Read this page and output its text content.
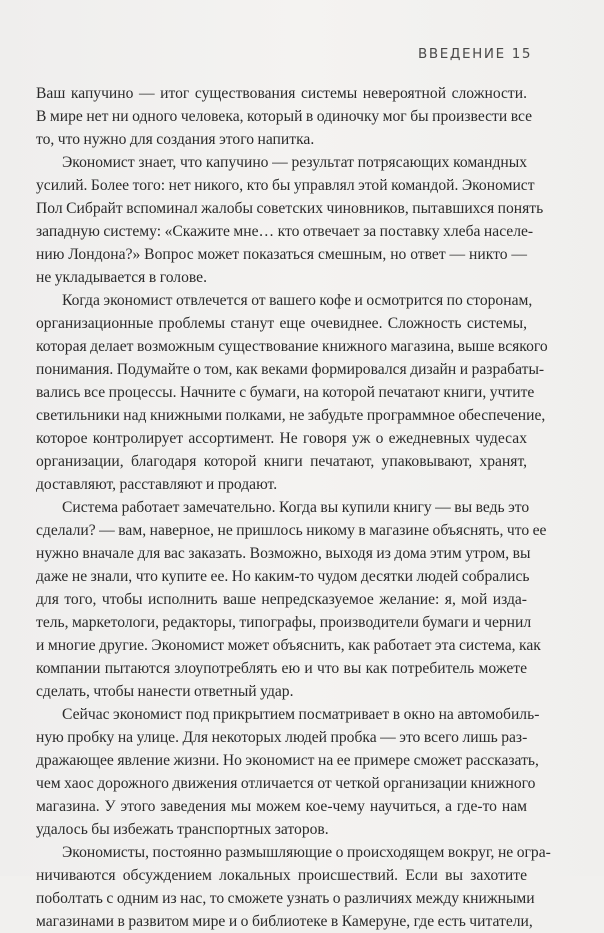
ВВЕДЕНИЕ 15
Ваш капучино — итог существования системы невероятной сложности.
В мире нет ни одного человека, который в одиночку мог бы произвести все
то, что нужно для создания этого напитка.
Экономист знает, что капучино — результат потрясающих командных
усилий. Более того: нет никого, кто бы управлял этой командой. Экономист
Пол Сибрайт вспоминал жалобы советских чиновников, пытавшихся понять
западную систему: «Скажите мне… кто отвечает за поставку хлеба населе-
нию Лондона?» Вопрос может показаться смешным, но ответ — никто —
не укладывается в голове.
Когда экономист отвлечется от вашего кофе и осмотрится по сторонам,
организационные проблемы станут еще очевиднее. Сложность системы,
которая делает возможным существование книжного магазина, выше всякого
понимания. Подумайте о том, как веками формировался дизайн и разрабаты-
вались все процессы. Начните с бумаги, на которой печатают книги, учтите
светильники над книжными полками, не забудьте программное обеспечение,
которое контролирует ассортимент. Не говоря уж о ежедневных чудесах
организации, благодаря которой книги печатают, упаковывают, хранят,
доставляют, расставляют и продают.
Система работает замечательно. Когда вы купили книгу — вы ведь это
сделали? — вам, наверное, не пришлось никому в магазине объяснять, что ее
нужно вначале для вас заказать. Возможно, выходя из дома этим утром, вы
даже не знали, что купите ее. Но каким-то чудом десятки людей собрались
для того, чтобы исполнить ваше непредсказуемое желание: я, мой изда-
тель, маркетологи, редакторы, типографы, производители бумаги и чернил
и многие другие. Экономист может объяснить, как работает эта система, как
компании пытаются злоупотреблять ею и что вы как потребитель можете
сделать, чтобы нанести ответный удар.
Сейчас экономист под прикрытием посматривает в окно на автомобиль-
ную пробку на улице. Для некоторых людей пробка — это всего лишь раз-
дражающее явление жизни. Но экономист на ее примере сможет рассказать,
чем хаос дорожного движения отличается от четкой организации книжного
магазина. У этого заведения мы можем кое-чему научиться, а где-то нам
удалось бы избежать транспортных заторов.
Экономисты, постоянно размышляющие о происходящем вокруг, не огра-
ничиваются обсуждением локальных происшествий. Если вы захотите
поболтать с одним из нас, то сможете узнать о различиях между книжными
магазинами в развитом мире и о библиотеке в Камеруне, где есть читатели,
